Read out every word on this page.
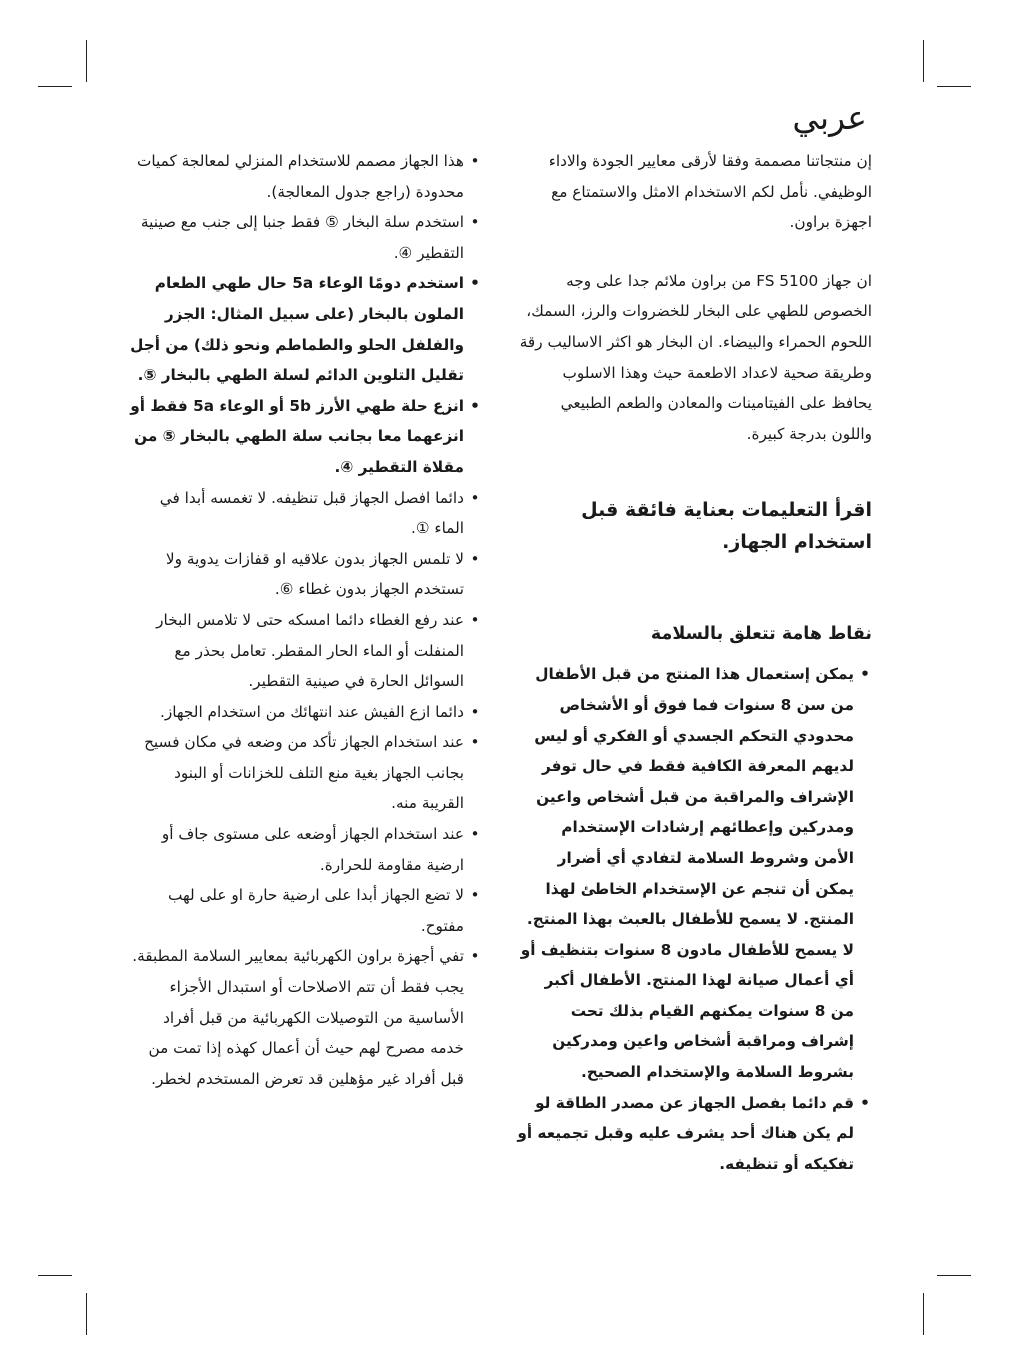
عربي

إن منتجاتنا مصممة وفقا لأرقى معايير الجودة والاداء الوظيفي. نأمل لكم الاستخدام الامثل والاستمتاع مع اجهزة براون.

ان جهاز FS 5100 من براون ملائم جدا على وجه الخصوص للطهي على البخار للخضروات والرز، السمك، اللحوم الحمراء والبيضاء. ان البخار هو اكثر الاساليب رقة وطريقة صحية لاعداد الاطعمة حيث وهذا الاسلوب يحافظ على الفيتامينات والمعادن والطعم الطبيعي واللون بدرجة كبيرة.

اقرأ التعليمات بعناية فائقة قبل استخدام الجهاز.

نقاط هامة تتعلق بالسلامة

•
يمكن إستعمال هذا المنتج من قبل الأطفال من سن 8 سنوات فما فوق أو الأشخاص محدودي التحكم الجسدي أو الفكري أو ليس لديهم المعرفة الكافية فقط في حال توفر الإشراف والمراقبة من قبل أشخاص واعين ومدركين وإعطائهم إرشادات الإستخدام الأمن وشروط السلامة لتفادي أي أضرار يمكن أن تنجم عن الإستخدام الخاطئ لهذا المنتج. لا يسمح للأطفال بالعبث بهذا المنتج. لا يسمح للأطفال مادون 8 سنوات بتنظيف أو أي أعمال صيانة لهذا المنتج. الأطفال أكبر من 8 سنوات يمكنهم القيام بذلك تحت إشراف ومراقبة أشخاص واعين ومدركين بشروط السلامة والإستخدام الصحيح.
•
قم دائما بفصل الجهاز عن مصدر الطاقة لو لم يكن هناك أحد يشرف عليه وقبل تجميعه أو تفكيكه أو تنظيفه.
•
هذا الجهاز مصمم للاستخدام المنزلي لمعالجة كميات محدودة (راجع جدول المعالجة).
•
استخدم سلة البخار ⑤ فقط جنبا إلى جنب مع صينية التقطير ④.
•
استخدم دومًا الوعاء 5a حال طهي الطعام الملون بالبخار (على سبيل المثال: الجزر والفلفل الحلو والطماطم ونحو ذلك) من أجل تقليل التلوين الدائم لسلة الطهي بالبخار ⑤.
•
انزع حلة طهي الأرز 5b أو الوعاء 5a فقط أو انزعهما معا بجانب سلة الطهي بالبخار ⑤ من مقلاة التقطير ④.
•
دائما افصل الجهاز قبل تنظيفه. لا تغمسه أبدا في الماء ①.
•
لا تلمس الجهاز بدون علاقيه او قفازات يدوية ولا تستخدم الجهاز بدون غطاء ⑥.
•
عند رفع الغطاء دائما امسكه حتى لا تلامس البخار المنفلت أو الماء الحار المقطر. تعامل بحذر مع السوائل الحارة في صينية التقطير.
•
دائما ازع الفيش عند انتهائك من استخدام الجهاز.
•
عند استخدام الجهاز تأكد من وضعه في مكان فسيح بجانب الجهاز بغية منع التلف للخزانات أو البنود القريبة منه.
•
عند استخدام الجهاز أوضعه على مستوى جاف أو ارضية مقاومة للحرارة.
•
لا تضع الجهاز أبدا على ارضية حارة او على لهب مفتوح.
•
تفي أجهزة براون الكهربائية بمعايير السلامة المطبقة. يجب فقط أن تتم الاصلاحات أو استبدال الأجزاء الأساسية من التوصيلات الكهربائية من قبل أفراد خدمه مصرح لهم حيث أن أعمال كهذه إذا تمت من قبل أفراد غير مؤهلين قد تعرض المستخدم لخطر.
